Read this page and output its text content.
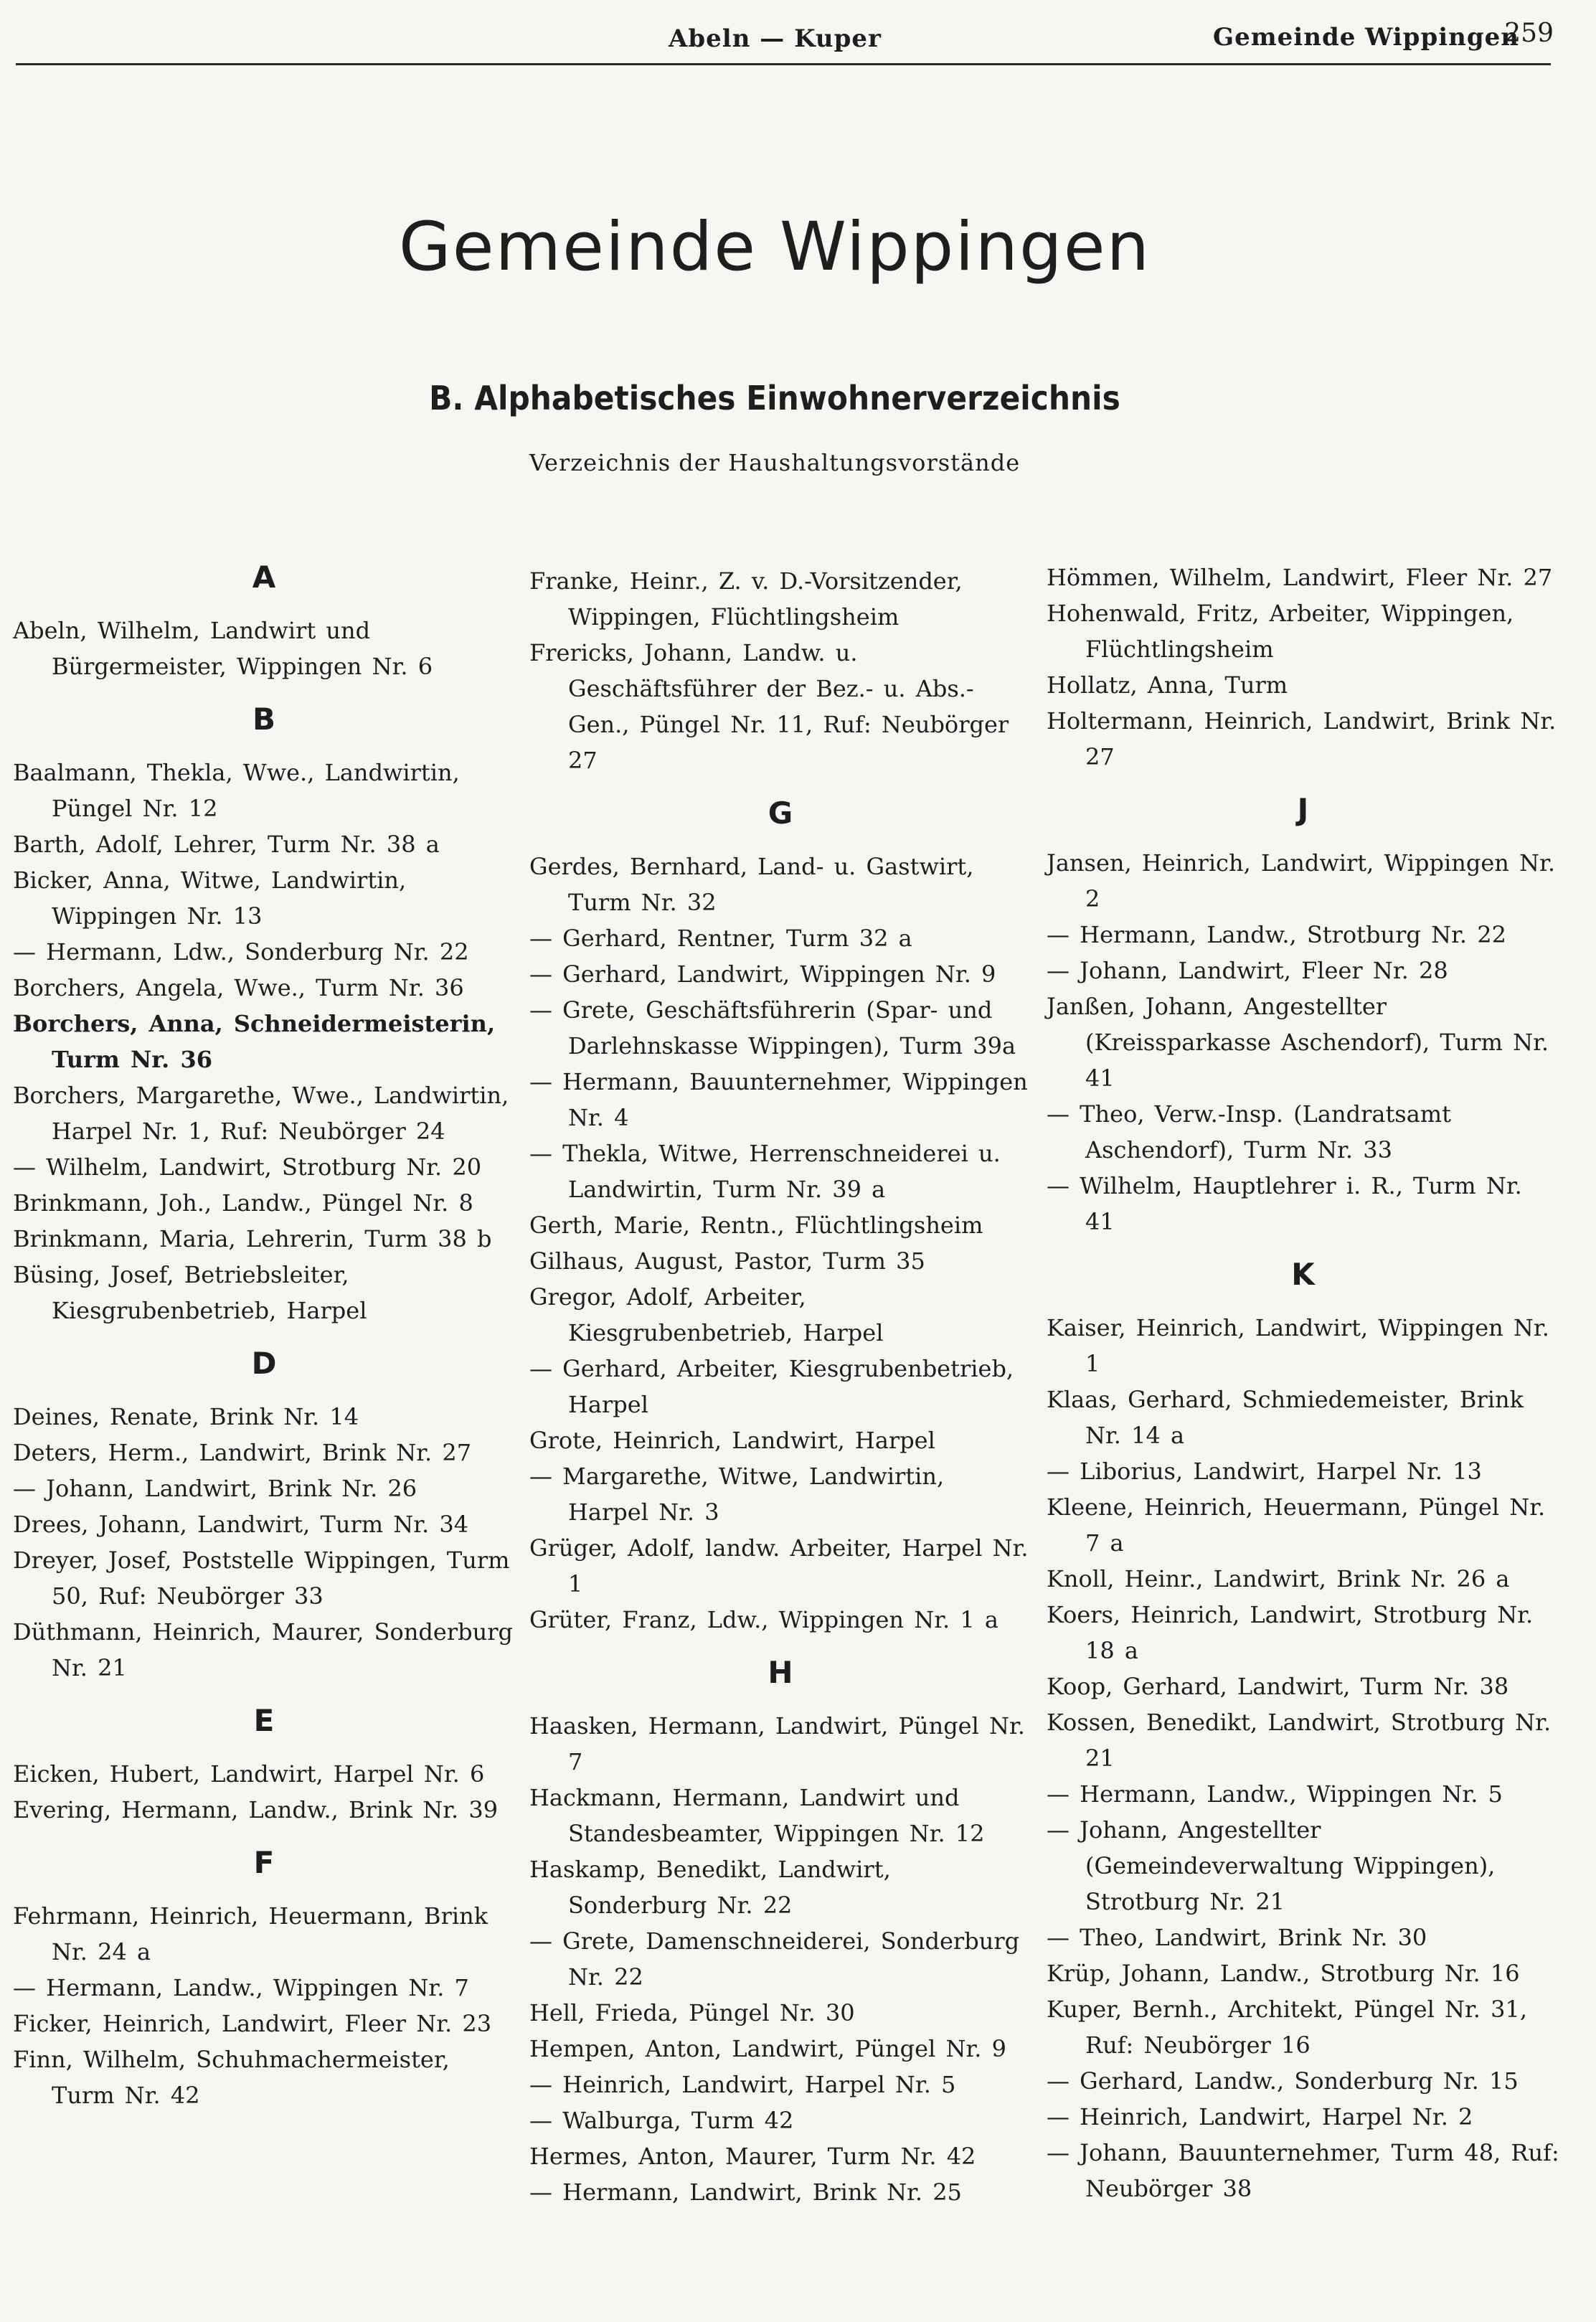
Abeln — Kuper	Gemeinde Wippingen
259
Gemeinde Wippingen
B. Alphabetisches Einwohnerverzeichnis
Verzeichnis der Haushaltungsvorstände
A
Abeln, Wilhelm, Landwirt und Bürgermeister, Wippingen Nr. 6
B
Baalmann, Thekla, Wwe., Landwirtin, Püngel Nr. 12
Barth, Adolf, Lehrer, Turm Nr. 38 a
Bicker, Anna, Witwe, Landwirtin, Wippingen Nr. 13
— Hermann, Ldw., Sonderburg Nr. 22
Borchers, Angela, Wwe., Turm Nr. 36
Borchers, Anna, Schneidermeisterin, Turm Nr. 36
Borchers, Margarethe, Wwe., Landwirtin, Harpel Nr. 1, Ruf: Neubörger 24
— Wilhelm, Landwirt, Strotburg Nr. 20
Brinkmann, Joh., Landw., Püngel Nr. 8
Brinkmann, Maria, Lehrerin, Turm 38 b
Büsing, Josef, Betriebsleiter, Kiesgrubenbetrieb, Harpel
D
Deines, Renate, Brink Nr. 14
Deters, Herm., Landwirt, Brink Nr. 27
— Johann, Landwirt, Brink Nr. 26
Drees, Johann, Landwirt, Turm Nr. 34
Dreyer, Josef, Poststelle Wippingen, Turm 50, Ruf: Neubörger 33
Düthmann, Heinrich, Maurer, Sonderburg Nr. 21
E
Eicken, Hubert, Landwirt, Harpel Nr. 6
Evering, Hermann, Landw., Brink Nr. 39
F
Fehrmann, Heinrich, Heuermann, Brink Nr. 24 a
— Hermann, Landw., Wippingen Nr. 7
Ficker, Heinrich, Landwirt, Fleer Nr. 23
Finn, Wilhelm, Schuhmachermeister, Turm Nr. 42
Franke, Heinr., Z. v. D.-Vorsitzender, Wippingen, Flüchtlingsheim
Frericks, Johann, Landw. u. Geschäftsführer der Bez.- u. Abs.-Gen., Püngel Nr. 11, Ruf: Neubörger 27
G
Gerdes, Bernhard, Land- u. Gastwirt, Turm Nr. 32
— Gerhard, Rentner, Turm 32 a
— Gerhard, Landwirt, Wippingen Nr. 9
— Grete, Geschäftsführerin (Spar- und Darlehnskasse Wippingen), Turm 39a
— Hermann, Bauunternehmer, Wippingen Nr. 4
— Thekla, Witwe, Herrenschneiderei u. Landwirtin, Turm Nr. 39 a
Gerth, Marie, Rentn., Flüchtlingsheim
Gilhaus, August, Pastor, Turm 35
Gregor, Adolf, Arbeiter, Kiesgrubenbetrieb, Harpel
— Gerhard, Arbeiter, Kiesgrubenbetrieb, Harpel
Grote, Heinrich, Landwirt, Harpel
— Margarethe, Witwe, Landwirtin, Harpel Nr. 3
Grüger, Adolf, landw. Arbeiter, Harpel Nr. 1
Grüter, Franz, Ldw., Wippingen Nr. 1 a
H
Haasken, Hermann, Landwirt, Püngel Nr. 7
Hackmann, Hermann, Landwirt und Standesbeamter, Wippingen Nr. 12
Haskamp, Benedikt, Landwirt, Sonderburg Nr. 22
— Grete, Damenschneiderei, Sonderburg Nr. 22
Hell, Frieda, Püngel Nr. 30
Hempen, Anton, Landwirt, Püngel Nr. 9
— Heinrich, Landwirt, Harpel Nr. 5
— Walburga, Turm 42
Hermes, Anton, Maurer, Turm Nr. 42
— Hermann, Landwirt, Brink Nr. 25
Hömmen, Wilhelm, Landwirt, Fleer Nr. 27
Hohenwald, Fritz, Arbeiter, Wippingen, Flüchtlingsheim
Hollatz, Anna, Turm
Holtermann, Heinrich, Landwirt, Brink Nr. 27
J
Jansen, Heinrich, Landwirt, Wippingen Nr. 2
— Hermann, Landw., Strotburg Nr. 22
— Johann, Landwirt, Fleer Nr. 28
Janßen, Johann, Angestellter (Kreissparkasse Aschendorf), Turm Nr. 41
— Theo, Verw.-Insp. (Landratsamt Aschendorf), Turm Nr. 33
— Wilhelm, Hauptlehrer i. R., Turm Nr. 41
K
Kaiser, Heinrich, Landwirt, Wippingen Nr. 1
Klaas, Gerhard, Schmiedemeister, Brink Nr. 14 a
— Liborius, Landwirt, Harpel Nr. 13
Kleene, Heinrich, Heuermann, Püngel Nr. 7 a
Knoll, Heinr., Landwirt, Brink Nr. 26 a
Koers, Heinrich, Landwirt, Strotburg Nr. 18 a
Koop, Gerhard, Landwirt, Turm Nr. 38
Kossen, Benedikt, Landwirt, Strotburg Nr. 21
— Hermann, Landw., Wippingen Nr. 5
— Johann, Angestellter (Gemeindeverwaltung Wippingen), Strotburg Nr. 21
— Theo, Landwirt, Brink Nr. 30
Krüp, Johann, Landw., Strotburg Nr. 16
Kuper, Bernh., Architekt, Püngel Nr. 31, Ruf: Neubörger 16
— Gerhard, Landw., Sonderburg Nr. 15
— Heinrich, Landwirt, Harpel Nr. 2
— Johann, Bauunternehmer, Turm 48, Ruf: Neubörger 38
